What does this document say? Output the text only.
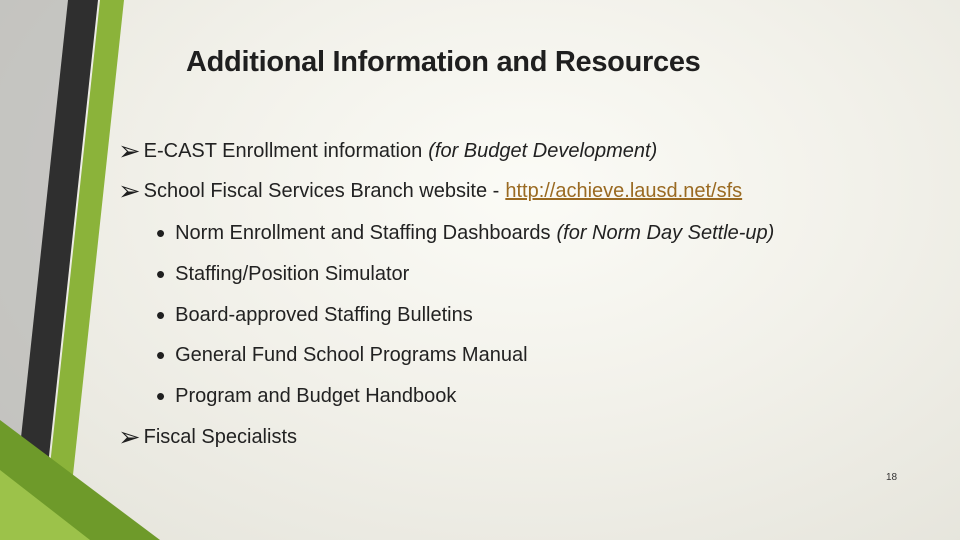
Additional Information and Resources
➢ E-CAST Enrollment information (for Budget Development)
➢ School Fiscal Services Branch website - http://achieve.lausd.net/sfs
• Norm Enrollment and Staffing Dashboards (for Norm Day Settle-up)
• Staffing/Position Simulator
• Board-approved Staffing Bulletins
• General Fund School Programs Manual
• Program and Budget Handbook
➢ Fiscal Specialists
18
